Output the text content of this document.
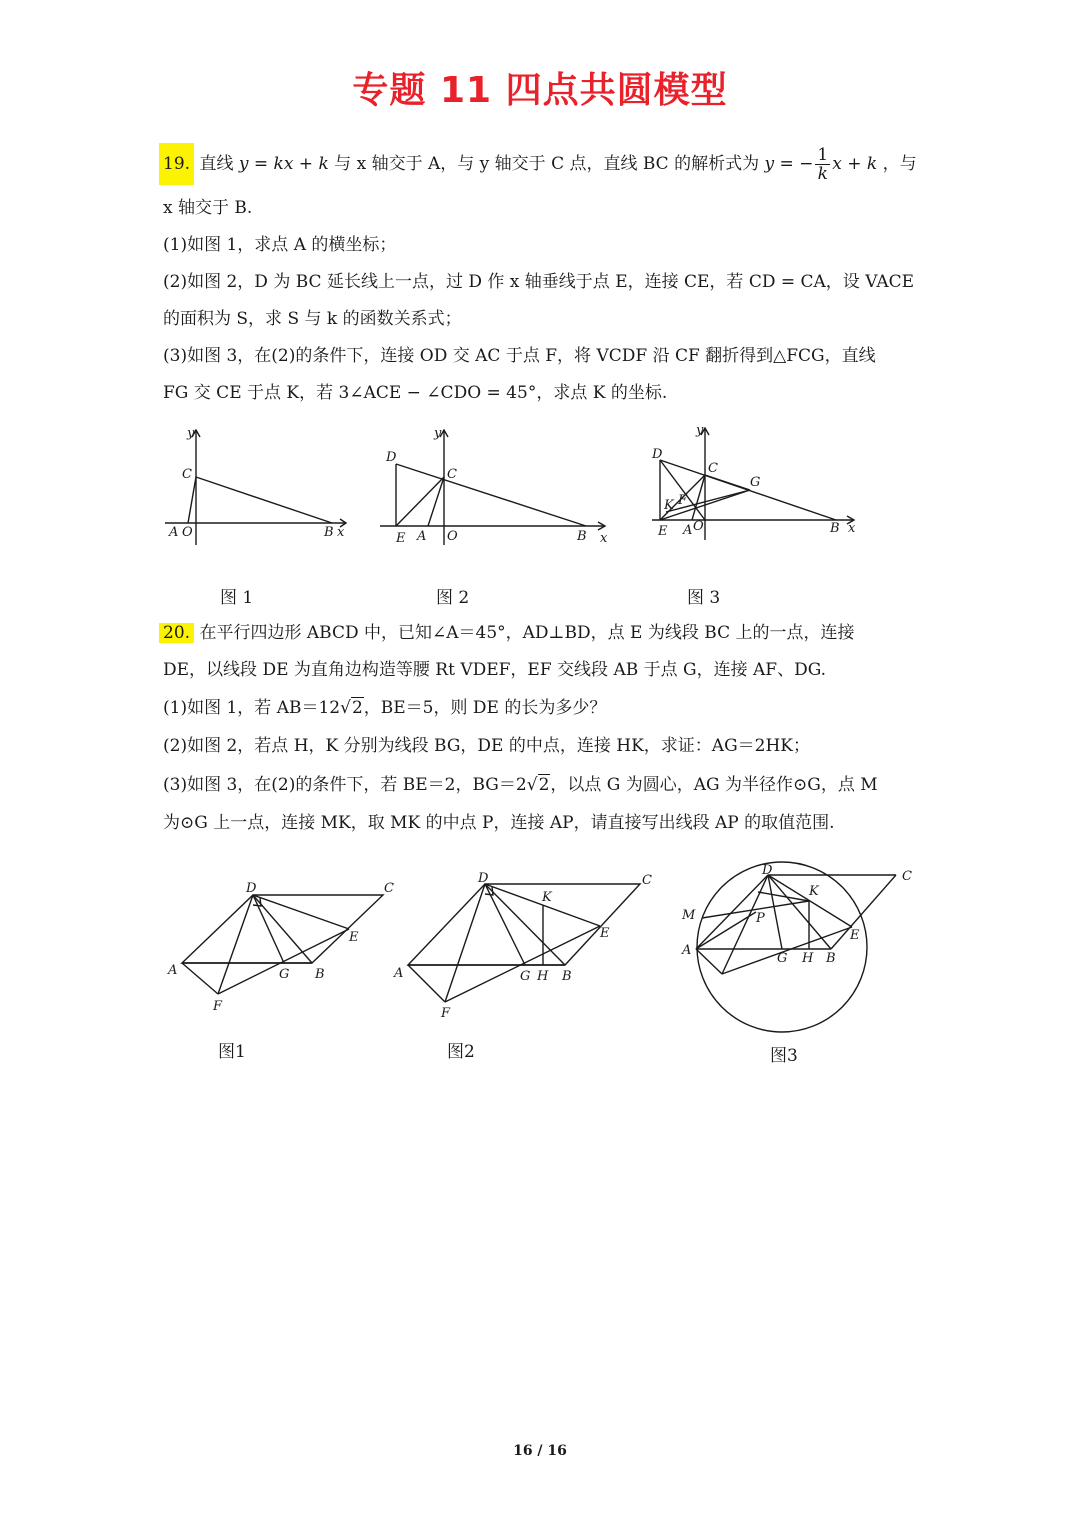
专题 11 四点共圆模型
19. 直线 y = kx + k 与 x 轴交于 A，与 y 轴交于 C 点，直线 BC 的解析式为 y = − $\frac{1}{k}$ x + k ，与
x 轴交于 B.
(1)如图 1，求点 A 的横坐标；
(2)如图 2，D 为 BC 延长线上一点，过 D 作 x 轴垂线于点 E，连接 CE，若 CD = CA，设 VACE
的面积为 S，求 S 与 k 的函数关系式；
(3)如图 3，在(2)的条件下，连接 OD 交 AC 于点 F，将 VCDF 沿 CF 翻折得到△FCG，直线
FG 交 CE 于点 K，若 3∠ACE − ∠CDO = 45°，求点 K 的坐标.
y
C
A O	B x
y
D
C
E A O	B x
y
D
C
G
K F
E A O	B x
图 1	图 2	图 3
20. 在平行四边形 ABCD 中，已知∠A＝45°，AD⊥BD，点 E 为线段 BC 上的一点，连接
DE，以线段 DE 为直角边构造等腰 Rt VDEF，EF 交线段 AB 于点 G，连接 AF、DG.
(1)如图 1，若 AB＝12√2，BE＝5，则 DE 的长为多少？
(2)如图 2，若点 H，K 分别为线段 BG，DE 的中点，连接 HK，求证：AG＝2HK；
(3)如图 3，在(2)的条件下，若 BE＝2，BG＝2√2，以点 G 为圆心，AG 为半径作⊙G，点 M
为⊙G 上一点，连接 MK，取 MK 的中点 P，连接 AP，请直接写出线段 AP 的取值范围.
D	C
A	G B
E
F
D	C
K
A	G H B
E
F
D	C
K
M	P
A
G H B
E
图1	图2	图3
16 / 16
